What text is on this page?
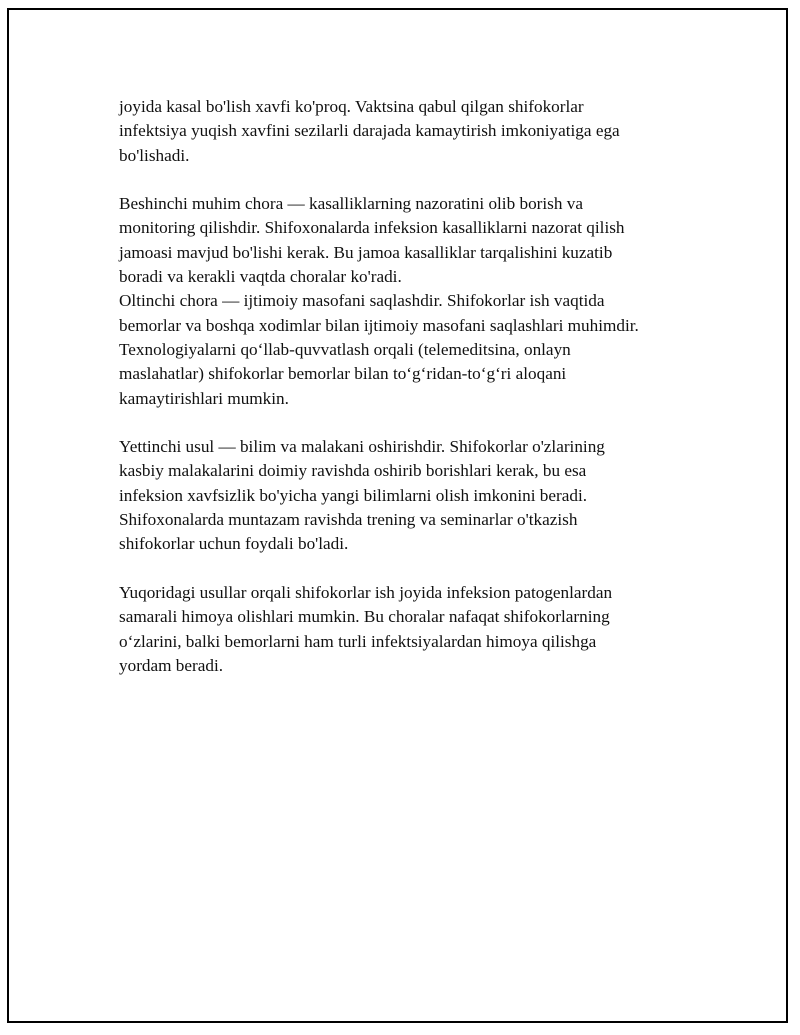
joyida kasal bo'lish xavfi ko'proq. Vaktsina qabul qilgan shifokorlar
infektsiya yuqish xavfini sezilarli darajada kamaytirish imkoniyatiga ega
bo'lishadi.

Beshinchi muhim chora — kasalliklarning nazoratini olib borish va
monitoring qilishdir. Shifoxonalarda infeksion kasalliklarni nazorat qilish
jamoasi mavjud bo'lishi kerak. Bu jamoa kasalliklar tarqalishini kuzatib
boradi va kerakli vaqtda choralar ko'radi.
Oltinchi chora — ijtimoiy masofani saqlashdir. Shifokorlar ish vaqtida
bemorlar va boshqa xodimlar bilan ijtimoiy masofani saqlashlari muhimdir.
Texnologiyalarni qo‘llab-quvvatlash orqali (telemeditsina, onlayn
maslahatlar) shifokorlar bemorlar bilan to‘g‘ridan-to‘g‘ri aloqani
kamaytirishlari mumkin.

Yettinchi usul — bilim va malakani oshirishdir. Shifokorlar o'zlarining
kasbiy malakalarini doimiy ravishda oshirib borishlari kerak, bu esa
infeksion xavfsizlik bo'yicha yangi bilimlarni olish imkonini beradi.
Shifoxonalarda muntazam ravishda trening va seminarlar o'tkazish
shifokorlar uchun foydali bo'ladi.

Yuqoridagi usullar orqali shifokorlar ish joyida infeksion patogenlardan
samarali himoya olishlari mumkin. Bu choralar nafaqat shifokorlarning
o‘zlarini, balki bemorlarni ham turli infektsiyalardan himoya qilishga
yordam beradi.
